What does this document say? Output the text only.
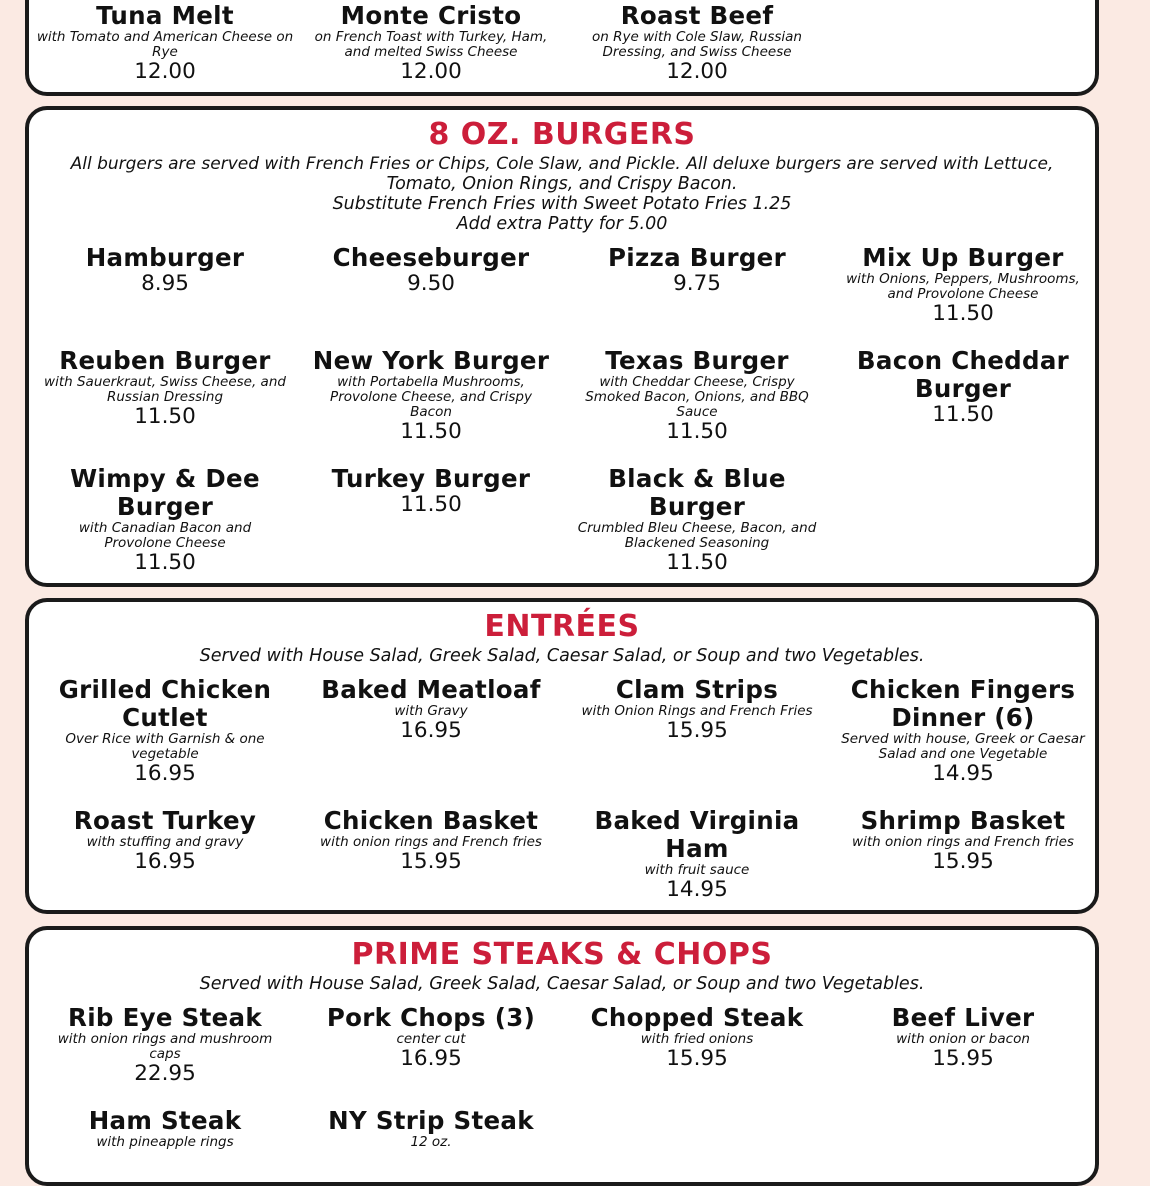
Tuna Melt

with Tomato and American Cheese on Rye

12.00

Monte Cristo

on French Toast with Turkey, Ham, and melted Swiss Cheese

12.00

Roast Beef

on Rye with Cole Slaw, Russian Dressing, and Swiss Cheese

12.00

8 OZ. BURGERS

All burgers are served with French Fries or Chips, Cole Slaw, and Pickle. All deluxe burgers are served with Lettuce,

Tomato, Onion Rings, and Crispy Bacon.

Substitute French Fries with Sweet Potato Fries 1.25

Add extra Patty for 5.00

Hamburger

8.95

Cheeseburger

9.50

Pizza Burger

9.75

Mix Up Burger

with Onions, Peppers, Mushrooms, and Provolone Cheese

11.50

Reuben Burger

with Sauerkraut, Swiss Cheese, and Russian Dressing

11.50

New York Burger

with Portabella Mushrooms, Provolone Cheese, and Crispy Bacon

11.50

Texas Burger

with Cheddar Cheese, Crispy Smoked Bacon, Onions, and BBQ Sauce

11.50

Bacon Cheddar Burger

11.50

Wimpy & Dee Burger

with Canadian Bacon and Provolone Cheese

11.50

Turkey Burger

11.50

Black & Blue Burger

Crumbled Bleu Cheese, Bacon, and Blackened Seasoning

11.50

ENTRÉES

Served with House Salad, Greek Salad, Caesar Salad, or Soup and two Vegetables.

Grilled Chicken Cutlet

Over Rice with Garnish & one vegetable

16.95

Baked Meatloaf

with Gravy

16.95

Clam Strips

with Onion Rings and French Fries

15.95

Chicken Fingers Dinner (6)

Served with house, Greek or Caesar Salad and one Vegetable

14.95

Roast Turkey

with stuffing and gravy

16.95

Chicken Basket

with onion rings and French fries

15.95

Baked Virginia Ham

with fruit sauce

14.95

Shrimp Basket

with onion rings and French fries

15.95

PRIME STEAKS & CHOPS

Served with House Salad, Greek Salad, Caesar Salad, or Soup and two Vegetables.

Rib Eye Steak

with onion rings and mushroom caps

22.95

Pork Chops (3)

center cut

16.95

Chopped Steak

with fried onions

15.95

Beef Liver

with onion or bacon

15.95

Ham Steak

with pineapple rings

NY Strip Steak

12 oz.
